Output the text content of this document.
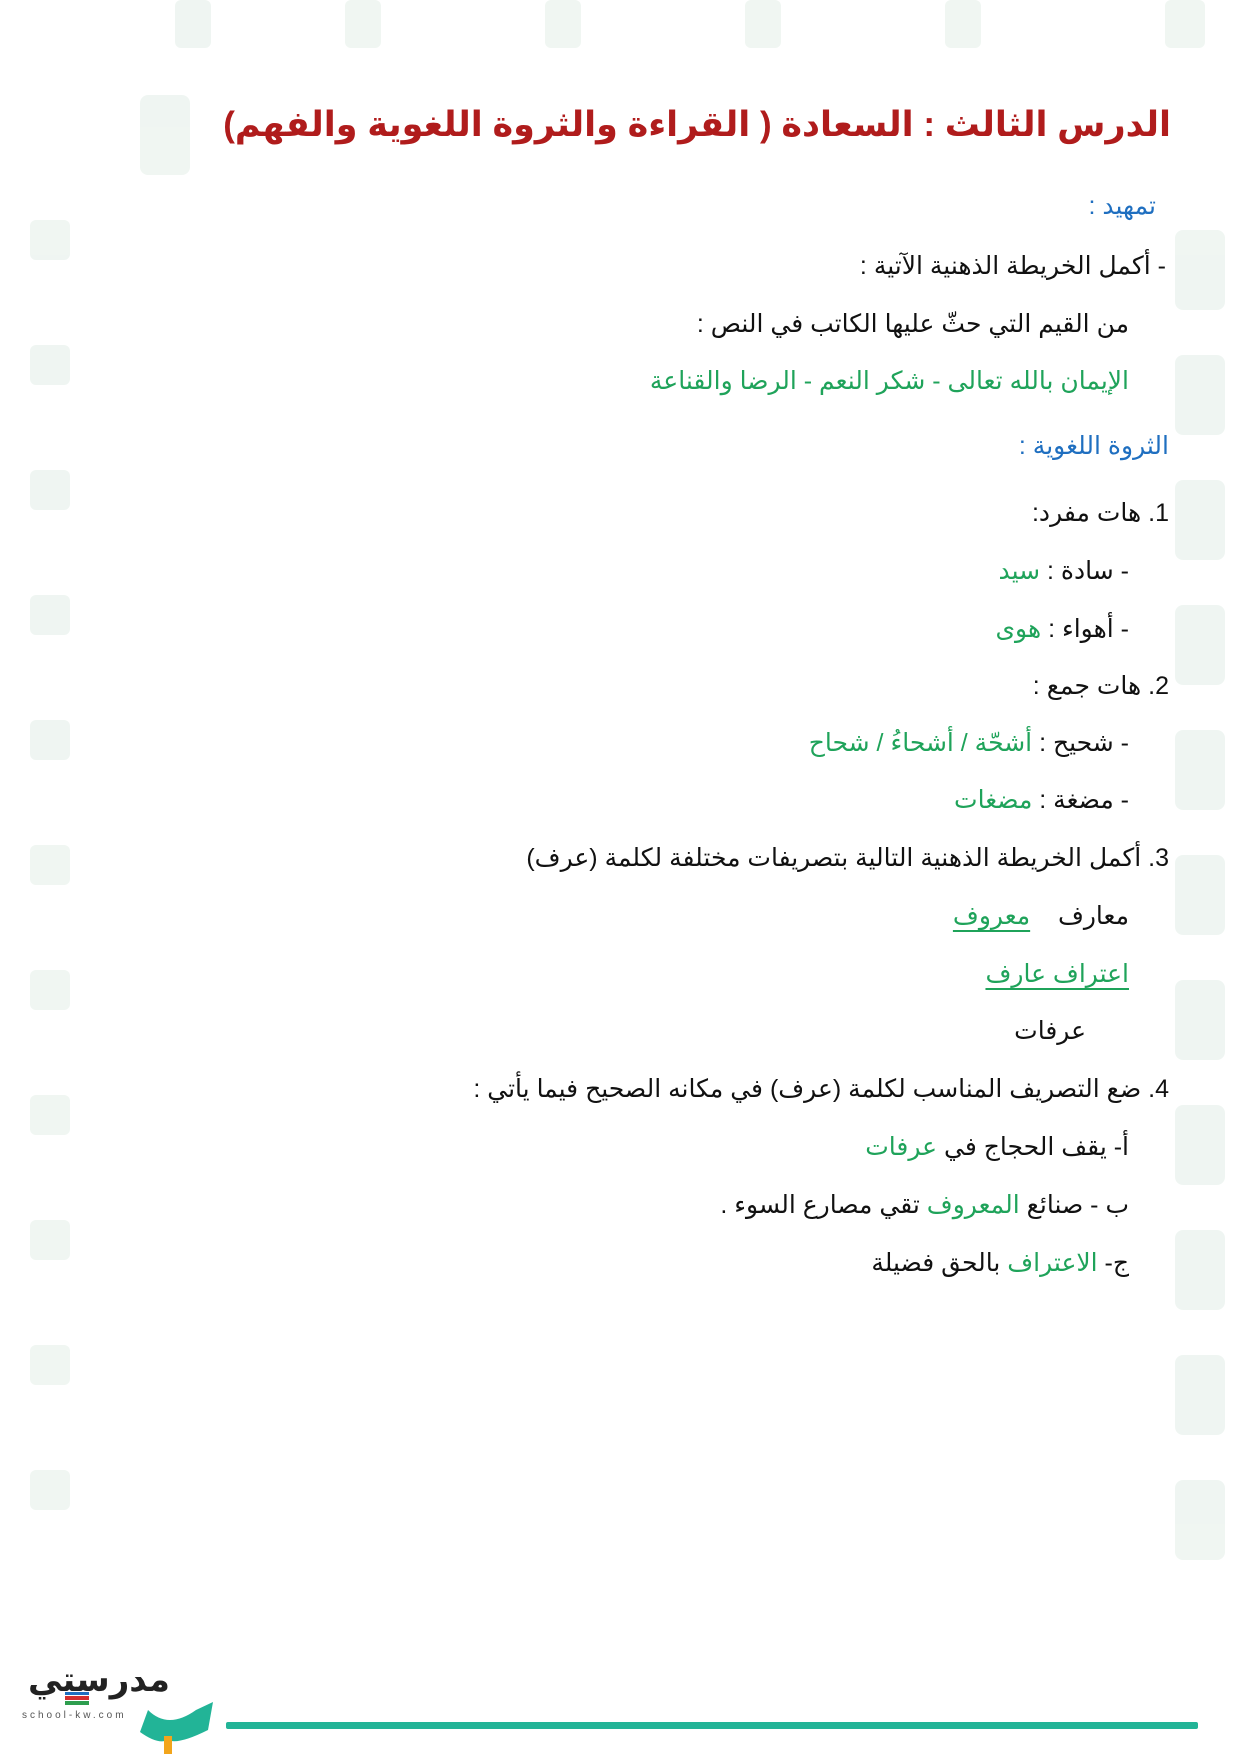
الدرس الثالث : السعادة ( القراءة والثروة اللغوية والفهم)
تمهيد :
- أكمل الخريطة الذهنية الآتية :
من القيم التي حثّ عليها الكاتب في النص :
الإيمان بالله تعالى - شكر النعم - الرضا والقناعة
الثروة اللغوية :
1. هات مفرد:
- سادة : سيد
- أهواء : هوى
2. هات جمع :
- شحيح : أشحّة / أشحاءُ / شحاح
- مضغة : مضغات
3. أكمل الخريطة الذهنية التالية بتصريفات مختلفة لكلمة (عرف)
معارف    معروف
اعتراف عارف
عرفات
4. ضع التصريف المناسب لكلمة (عرف) في مكانه الصحيح فيما يأتي :
أ- يقف الحجاج في عرفات
ب - صنائع المعروف تقي مصارع السوء .
ج- الاعتراف بالحق فضيلة
مدرستي
school-kw.com
